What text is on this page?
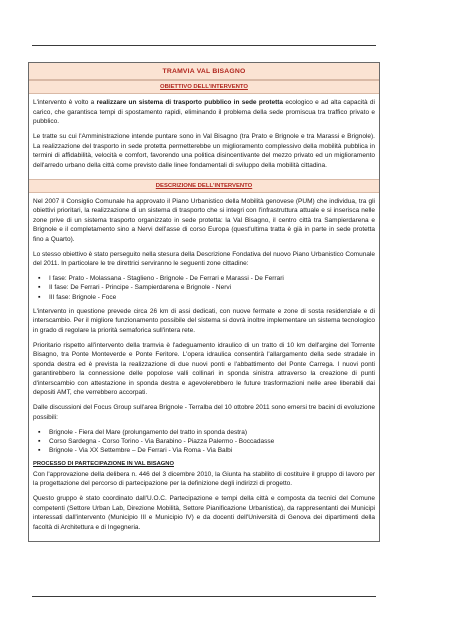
TRAMVIA VAL BISAGNO
OBIETTIVO DELL'INTERVENTO

L'intervento è volto a realizzare un sistema di trasporto pubblico in sede protetta ecologico e ad alta capacità di carico, che garantisca tempi di spostamento rapidi, eliminando il problema della sede promiscua tra traffico privato e pubblico.

Le tratte su cui l'Amministrazione intende puntare sono in Val Bisagno (tra Prato e Brignole e tra Marassi e Brignole). La realizzazione del trasporto in sede protetta permetterebbe un miglioramento complessivo della mobilità pubblica in termini di affidabilità, velocità e comfort, favorendo una politica disincentivante del mezzo privato ed un miglioramento dell'arredo urbano della città come previsto dalle linee fondamentali di sviluppo della mobilità cittadina.

DESCRIZIONE DELL'INTERVENTO

Nel 2007 il Consiglio Comunale ha approvato il Piano Urbanistico della Mobilità genovese (PUM) che individua, tra gli obiettivi prioritari, la realizzazione di un sistema di trasporto che si integri con l'infrastruttura attuale e si inserisca nelle zone prive di un sistema trasporto organizzato in sede protetta: la Val Bisagno, il centro città tra Sampierdarena e Brignole e il completamento sino a Nervi dell'asse di corso Europa (quest'ultima tratta è già in parte in sede protetta fino a Quarto).

Lo stesso obiettivo è stato perseguito nella stesura della Descrizione Fondativa del nuovo Piano Urbanistico Comunale del 2011. In particolare le tre direttrici serviranno le seguenti zone cittadine:

▪ I fase: Prato - Molassana - Staglieno - Brignole - De Ferrari e Marassi - De Ferrari
▪ II fase: De Ferrari - Principe - Sampierdarena e Brignole - Nervi
▪ III fase: Brignole - Foce

L'intervento in questione prevede circa 26 km di assi dedicati, con nuove fermate e zone di sosta residenziale e di interscambio. Per il migliore funzionamento possibile del sistema si dovrà inoltre implementare un sistema tecnologico in grado di regolare la priorità semaforica sull'intera rete.

Prioritario rispetto all'intervento della tramvia è l'adeguamento idraulico di un tratto di 10 km dell'argine del Torrente Bisagno, tra Ponte Monteverde e Ponte Feritore. L'opera idraulica consentirà l'allargamento della sede stradale in sponda destra ed è prevista la realizzazione di due nuovi ponti e l'abbattimento del Ponte Carrega. I nuovi ponti garantirebbero la connessione delle popolose valli collinari in sponda sinistra attraverso la creazione di punti d'interscambio con attestazione in sponda destra e agevolerebbero le future trasformazioni nelle aree liberabili dai depositi AMT, che verrebbero accorpati.

Dalle discussioni del Focus Group sull'area Brignole - Terralba del 10 ottobre 2011 sono emersi tre bacini di evoluzione possibili:

▪ Brignole - Fiera del Mare (prolungamento del tratto in sponda destra)
▪ Corso Sardegna - Corso Torino - Via Barabino - Piazza Palermo - Boccadasse
▪ Brignole - Via XX Settembre – De Ferrari - Via Roma - Via Balbi
PROCESSO DI PARTECIPAZIONE IN VAL BISAGNO

Con l'approvazione della delibera n. 446 del 3 dicembre 2010, la Giunta ha stabilito di costituire il gruppo di lavoro per la progettazione del percorso di partecipazione per la definizione degli indirizzi di progetto.

Questo gruppo è stato coordinato dall'U.O.C. Partecipazione e tempi della città e composta da tecnici del Comune competenti (Settore Urban Lab, Direzione Mobilità, Settore Pianificazione Urbanistica), da rappresentanti dei Municipi interessati dall'intervento (Municipio III e Municipio IV) e da docenti dell'Università di Genova dei dipartimenti della facoltà di Architettura e di Ingegneria.
